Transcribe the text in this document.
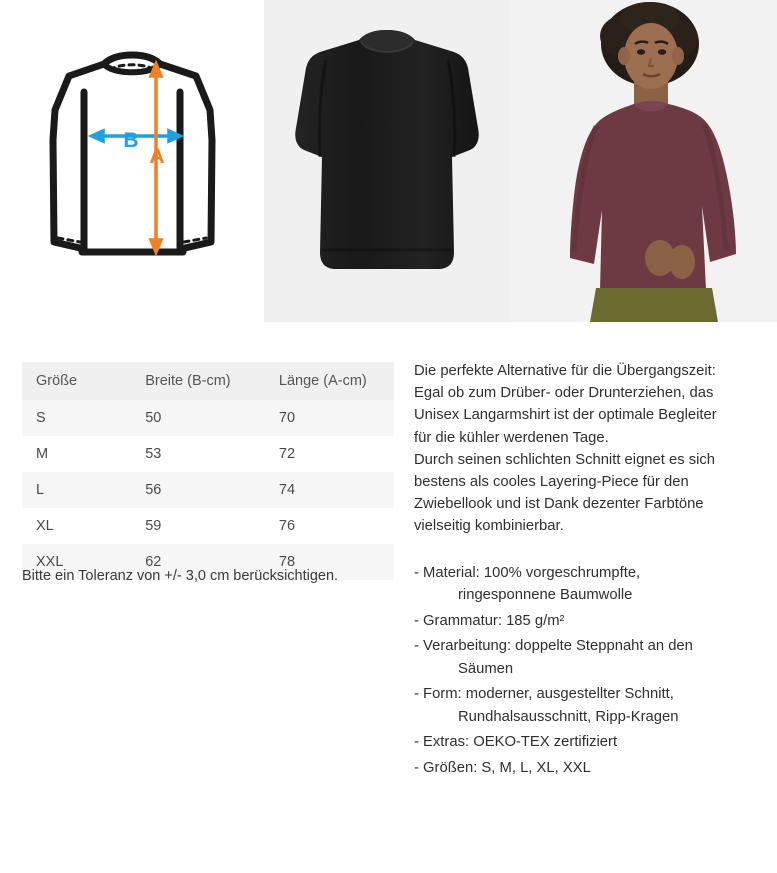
B
A
Größe	Breite (B-cm)	Länge (A-cm)
S	50	70
M	53	72
L	56	74
XL	59	76
XXL	62	78
Bitte ein Toleranz von +/- 3,0 cm berücksichtigen.

Die perfekte Alternative für die Übergangszeit:

Egal ob zum Drüber- oder Drunterziehen, das

Unisex Langarmshirt ist der optimale Begleiter

für die kühler werdenen Tage.

Durch seinen schlichten Schnitt eignet es sich

bestens als cooles Layering-Piece für den

Zwiebellook und ist Dank dezenter Farbtöne

vielseitig kombinierbar.

- Material: 100% vorgeschrumpfte,
ringesponnene Baumwolle
- Grammatur: 185 g/m²
- Verarbeitung: doppelte Steppnaht an den
Säumen
- Form: moderner, ausgestellter Schnitt,
Rundhalsausschnitt, Ripp-Kragen
- Extras: OEKO-TEX zertifiziert
- Größen: S, M, L, XL, XXL
